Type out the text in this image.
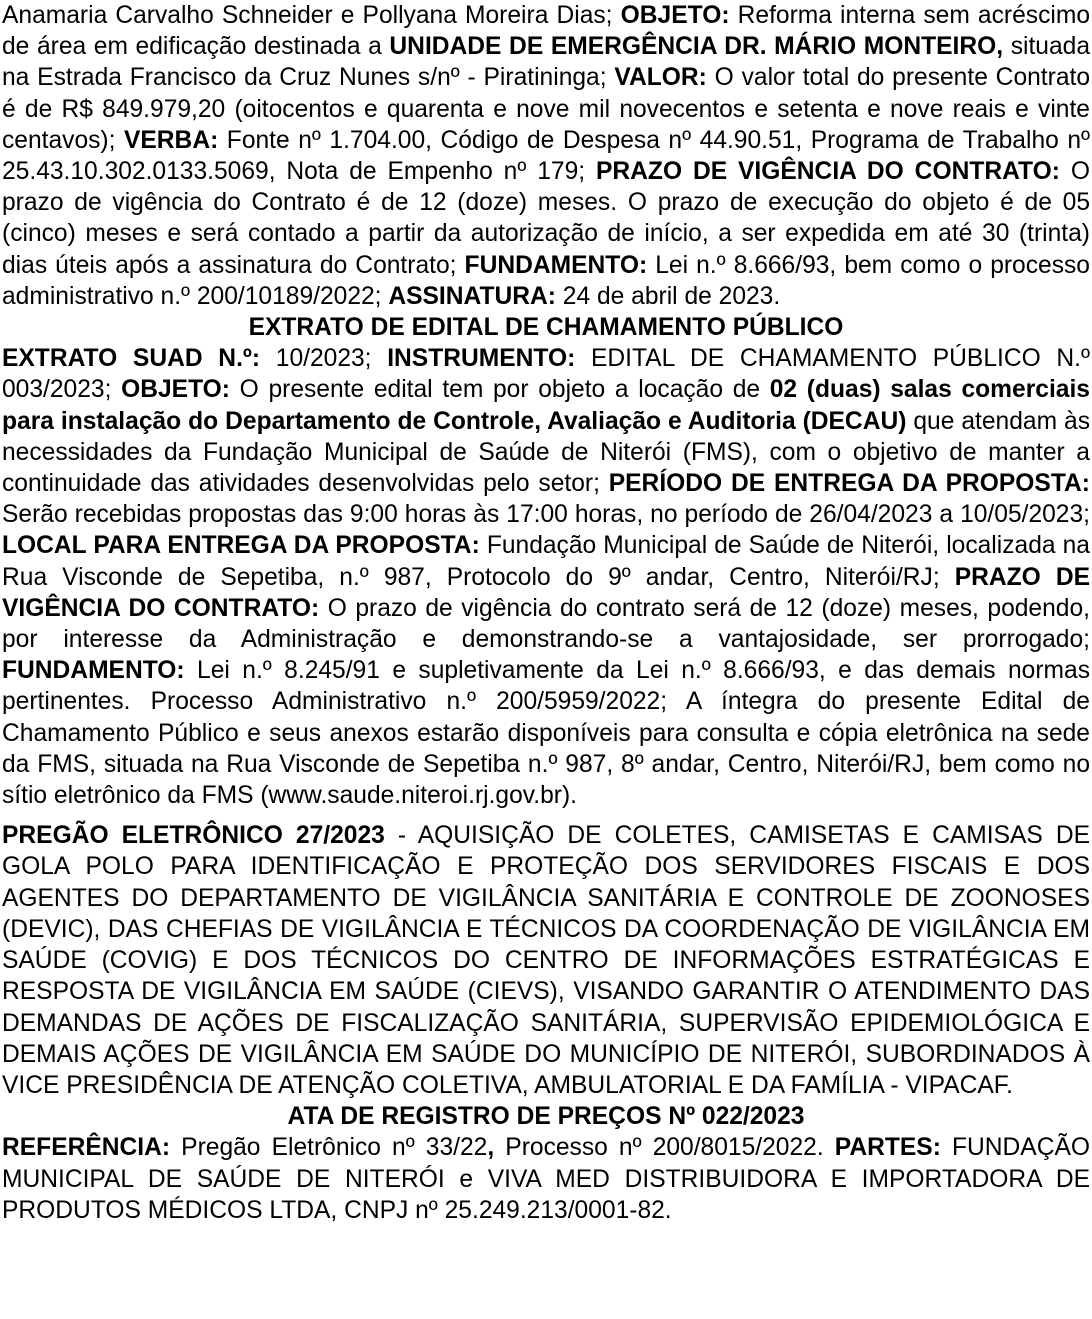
Anamaria Carvalho Schneider e Pollyana Moreira Dias; OBJETO: Reforma interna sem acréscimo de área em edificação destinada a UNIDADE DE EMERGÊNCIA DR. MÁRIO MONTEIRO, situada na Estrada Francisco da Cruz Nunes s/nº - Piratininga; VALOR: O valor total do presente Contrato é de R$ 849.979,20 (oitocentos e quarenta e nove mil novecentos e setenta e nove reais e vinte centavos); VERBA: Fonte nº 1.704.00, Código de Despesa nº 44.90.51, Programa de Trabalho nº 25.43.10.302.0133.5069, Nota de Empenho nº 179; PRAZO DE VIGÊNCIA DO CONTRATO: O prazo de vigência do Contrato é de 12 (doze) meses. O prazo de execução do objeto é de 05 (cinco) meses e será contado a partir da autorização de início, a ser expedida em até 30 (trinta) dias úteis após a assinatura do Contrato; FUNDAMENTO: Lei n.º 8.666/93, bem como o processo administrativo n.º 200/10189/2022; ASSINATURA: 24 de abril de 2023.

EXTRATO DE EDITAL DE CHAMAMENTO PÚBLICO

EXTRATO SUAD N.º: 10/2023; INSTRUMENTO: EDITAL DE CHAMAMENTO PÚBLICO N.º 003/2023; OBJETO: O presente edital tem por objeto a locação de 02 (duas) salas comerciais para instalação do Departamento de Controle, Avaliação e Auditoria (DECAU) que atendam às necessidades da Fundação Municipal de Saúde de Niterói (FMS), com o objetivo de manter a continuidade das atividades desenvolvidas pelo setor; PERÍODO DE ENTREGA DA PROPOSTA: Serão recebidas propostas das 9:00 horas às 17:00 horas, no período de 26/04/2023 a 10/05/2023; LOCAL PARA ENTREGA DA PROPOSTA: Fundação Municipal de Saúde de Niterói, localizada na Rua Visconde de Sepetiba, n.º 987, Protocolo do 9º andar, Centro, Niterói/RJ; PRAZO DE VIGÊNCIA DO CONTRATO: O prazo de vigência do contrato será de 12 (doze) meses, podendo, por interesse da Administração e demonstrando-se a vantajosidade, ser prorrogado; FUNDAMENTO: Lei n.º 8.245/91 e supletivamente da Lei n.º 8.666/93, e das demais normas pertinentes. Processo Administrativo n.º 200/5959/2022; A íntegra do presente Edital de Chamamento Público e seus anexos estarão disponíveis para consulta e cópia eletrônica na sede da FMS, situada na Rua Visconde de Sepetiba n.º 987, 8º andar, Centro, Niterói/RJ, bem como no sítio eletrônico da FMS (www.saude.niteroi.rj.gov.br).

PREGÃO ELETRÔNICO 27/2023 - AQUISIÇÃO DE COLETES, CAMISETAS E CAMISAS DE GOLA POLO PARA IDENTIFICAÇÃO E PROTEÇÃO DOS SERVIDORES FISCAIS E DOS AGENTES DO DEPARTAMENTO DE VIGILÂNCIA SANITÁRIA E CONTROLE DE ZOONOSES (DEVIC), DAS CHEFIAS DE VIGILÂNCIA E TÉCNICOS DA COORDENAÇÃO DE VIGILÂNCIA EM SAÚDE (COVIG) E DOS TÉCNICOS DO CENTRO DE INFORMAÇÕES ESTRATÉGICAS E RESPOSTA DE VIGILÂNCIA EM SAÚDE (CIEVS), VISANDO GARANTIR O ATENDIMENTO DAS DEMANDAS DE AÇÕES DE FISCALIZAÇÃO SANITÁRIA, SUPERVISÃO EPIDEMIOLÓGICA E DEMAIS AÇÕES DE VIGILÂNCIA EM SAÚDE DO MUNICÍPIO DE NITERÓI, SUBORDINADOS À VICE PRESIDÊNCIA DE ATENÇÃO COLETIVA, AMBULATORIAL E DA FAMÍLIA - VIPACAF.

ATA DE REGISTRO DE PREÇOS Nº 022/2023

REFERÊNCIA: Pregão Eletrônico nº 33/22, Processo nº 200/8015/2022. PARTES: FUNDAÇÃO MUNICIPAL DE SAÚDE DE NITERÓI e VIVA MED DISTRIBUIDORA E IMPORTADORA DE PRODUTOS MÉDICOS LTDA, CNPJ nº 25.249.213/0001-82.
